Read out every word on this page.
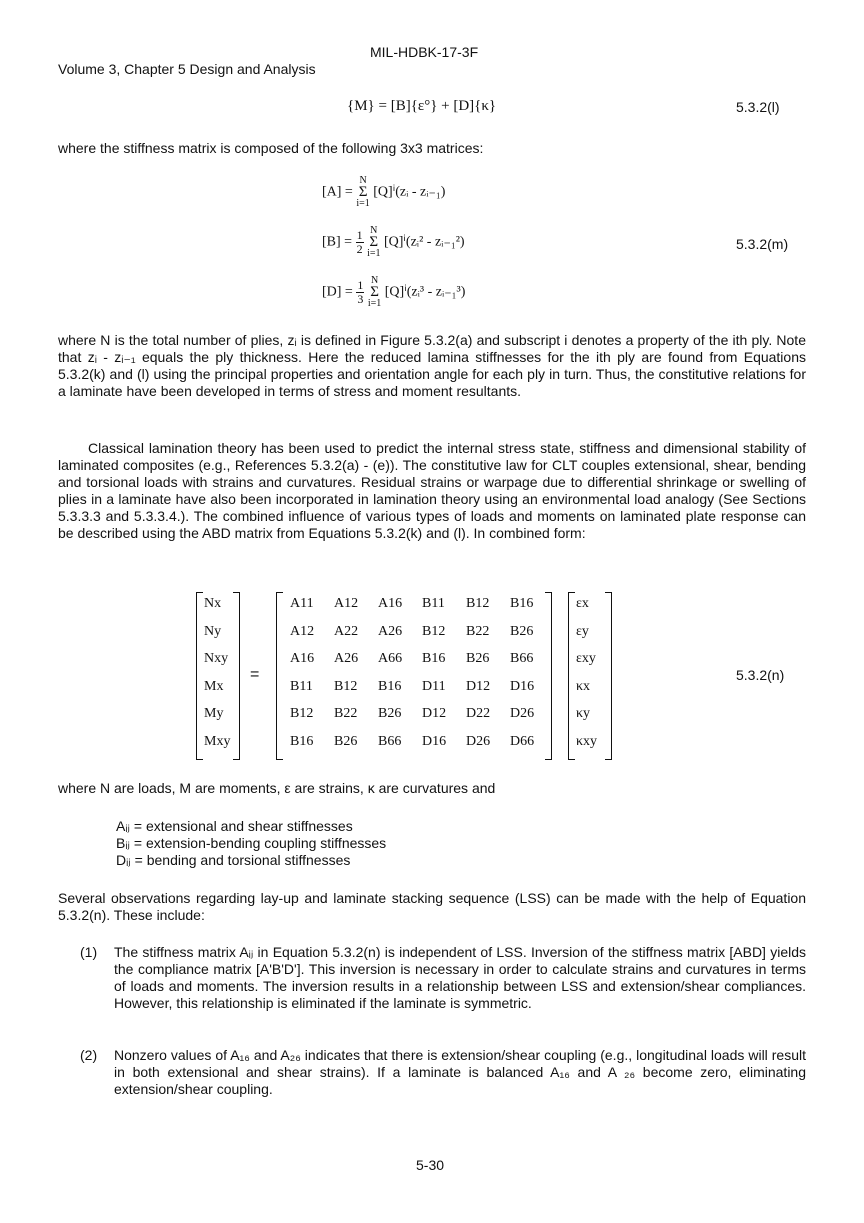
MIL-HDBK-17-3F
Volume 3, Chapter 5 Design and Analysis
{M} = [B]{ε°} + [D]{κ}	5.3.2(l)
where the stiffness matrix is composed of the following 3x3 matrices:
[A] = N
Σ
i=1 [Q]ⁱ(zᵢ - zᵢ₋₁)
$[B] = \frac{1}{2}$ N
Σ
i=1 [Q]ⁱ(zᵢ² - zᵢ₋₁²)	5.3.2(m)
$[D] = \frac{1}{3}$ N
Σ
i=1 [Q]ⁱ(zᵢ³ - zᵢ₋₁³)
where N is the total number of plies, zᵢ is defined in Figure 5.3.2(a) and subscript i denotes a property of the ith ply. Note that zᵢ - zᵢ₋₁ equals the ply thickness. Here the reduced lamina stiffnesses for the ith ply are found from Equations 5.3.2(k) and (l) using the principal properties and orientation angle for each ply in turn. Thus, the constitutive relations for a laminate have been developed in terms of stress and moment resultants.
Classical lamination theory has been used to predict the internal stress state, stiffness and dimensional stability of laminated composites (e.g., References 5.3.2(a) - (e)). The constitutive law for CLT couples extensional, shear, bending and torsional loads with strains and curvatures. Residual strains or warpage due to differential shrinkage or swelling of plies in a laminate have also been incorporated in lamination theory using an environmental load analogy (See Sections 5.3.3.3 and 5.3.3.4.). The combined influence of various types of loads and moments on laminated plate response can be described using the ABD matrix from Equations 5.3.2(k) and (l). In combined form:
Nx
Ny
Nxy
Mx
My
Mxy
=
A11 A12 A16 B11 B12 B16
A12 A22 A26 B12 B22 B26
A16 A26 A66 B16 B26 B66
B11 B12 B16 D11 D12 D16
B12 B22 B26 D12 D22 D26
B16 B26 B66 D16 D26 D66
εx
εy
εxy
κx
κy
κxy
5.3.2(n)
where N are loads, M are moments, ε are strains, κ are curvatures and
Aᵢⱼ = extensional and shear stiffnesses
Bᵢⱼ = extension-bending coupling stiffnesses
Dᵢⱼ = bending and torsional stiffnesses
Several observations regarding lay-up and laminate stacking sequence (LSS) can be made with the help of Equation 5.3.2(n). These include:
(1) The stiffness matrix Aᵢⱼ in Equation 5.3.2(n) is independent of LSS. Inversion of the stiffness matrix [ABD] yields the compliance matrix [A'B'D']. This inversion is necessary in order to calculate strains and curvatures in terms of loads and moments. The inversion results in a relationship between LSS and extension/shear compliances. However, this relationship is eliminated if the laminate is symmetric.
(2) Nonzero values of A₁₆ and A₂₆ indicates that there is extension/shear coupling (e.g., longitudinal loads will result in both extensional and shear strains). If a laminate is balanced A₁₆ and A ₂₆ become zero, eliminating extension/shear coupling.
5-30
